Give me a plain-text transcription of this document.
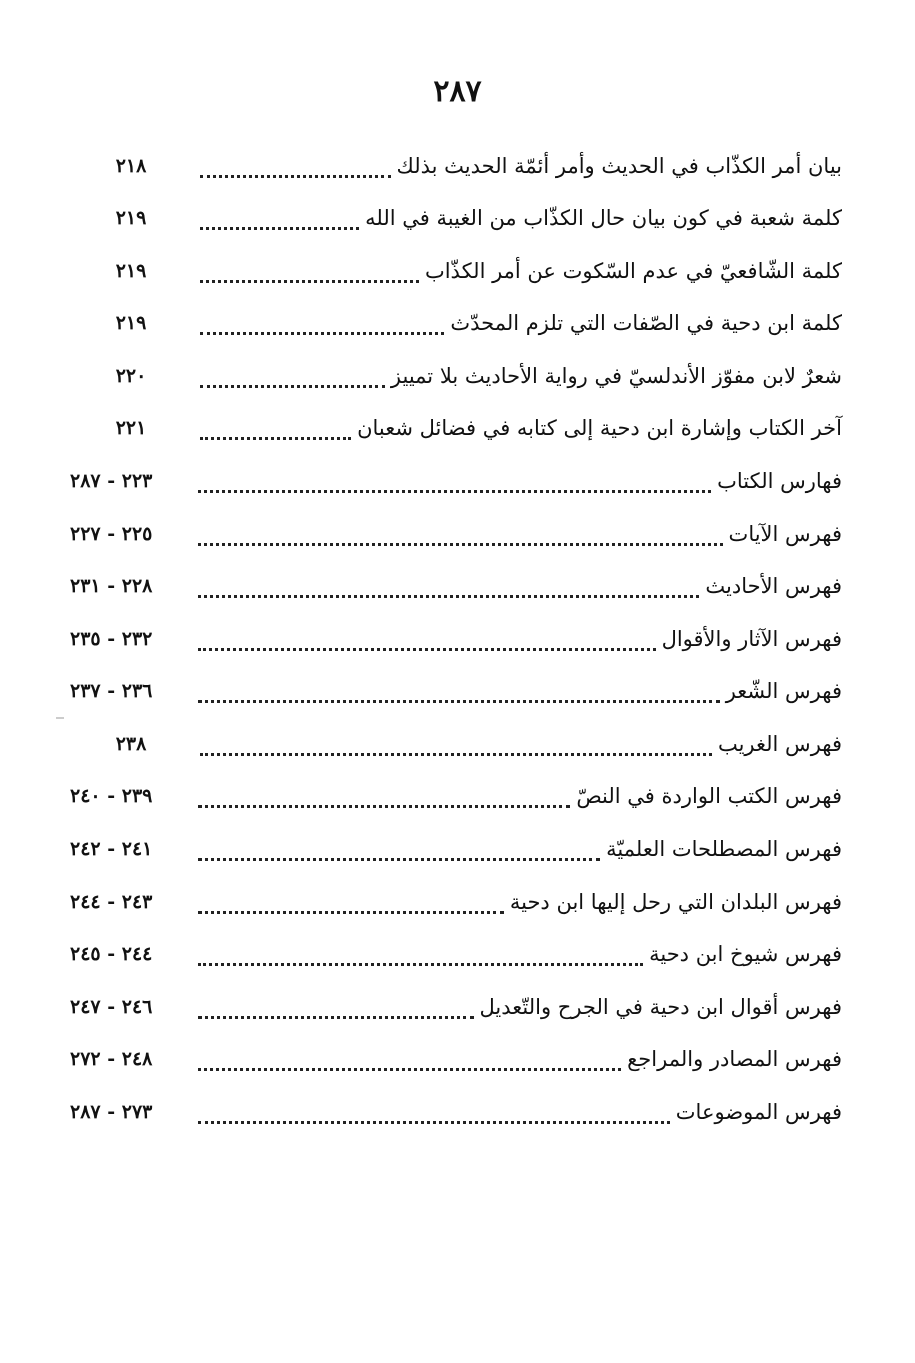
٢٨٧
بيان أمر الكذّاب في الحديث وأمر أئمّة الحديث بذلك
٢١٨
كلمة شعبة في كون بيان حال الكذّاب من الغيبة في الله
٢١٩
كلمة الشّافعيّ في عدم السّكوت عن أمر الكذّاب
٢١٩
كلمة ابن دحية في الصّفات التي تلزم المحدّث
٢١٩
شعرٌ لابن مفوّز الأندلسيّ في رواية الأحاديث بلا تمييز
٢٢٠
آخر الكتاب وإشارة ابن دحية إلى كتابه في فضائل شعبان
٢٢١
فهارس الكتاب
٢٢٣ - ٢٨٧
فهرس الآيات
٢٢٥ - ٢٢٧
فهرس الأحاديث
٢٢٨ - ٢٣١
فهرس الآثار والأقوال
٢٣٢ - ٢٣٥
فهرس الشّعر
٢٣٦ - ٢٣٧
فهرس الغريب
٢٣٨
فهرس الكتب الواردة في النصّ
٢٣٩ - ٢٤٠
فهرس المصطلحات العلميّة
٢٤١ - ٢٤٢
فهرس البلدان التي رحل إليها ابن دحية
٢٤٣ - ٢٤٤
فهرس شيوخ ابن دحية
٢٤٤ - ٢٤٥
فهرس أقوال ابن دحية في الجرح والتّعديل
٢٤٦ - ٢٤٧
فهرس المصادر والمراجع
٢٤٨ - ٢٧٢
فهرس الموضوعات
٢٧٣ - ٢٨٧
